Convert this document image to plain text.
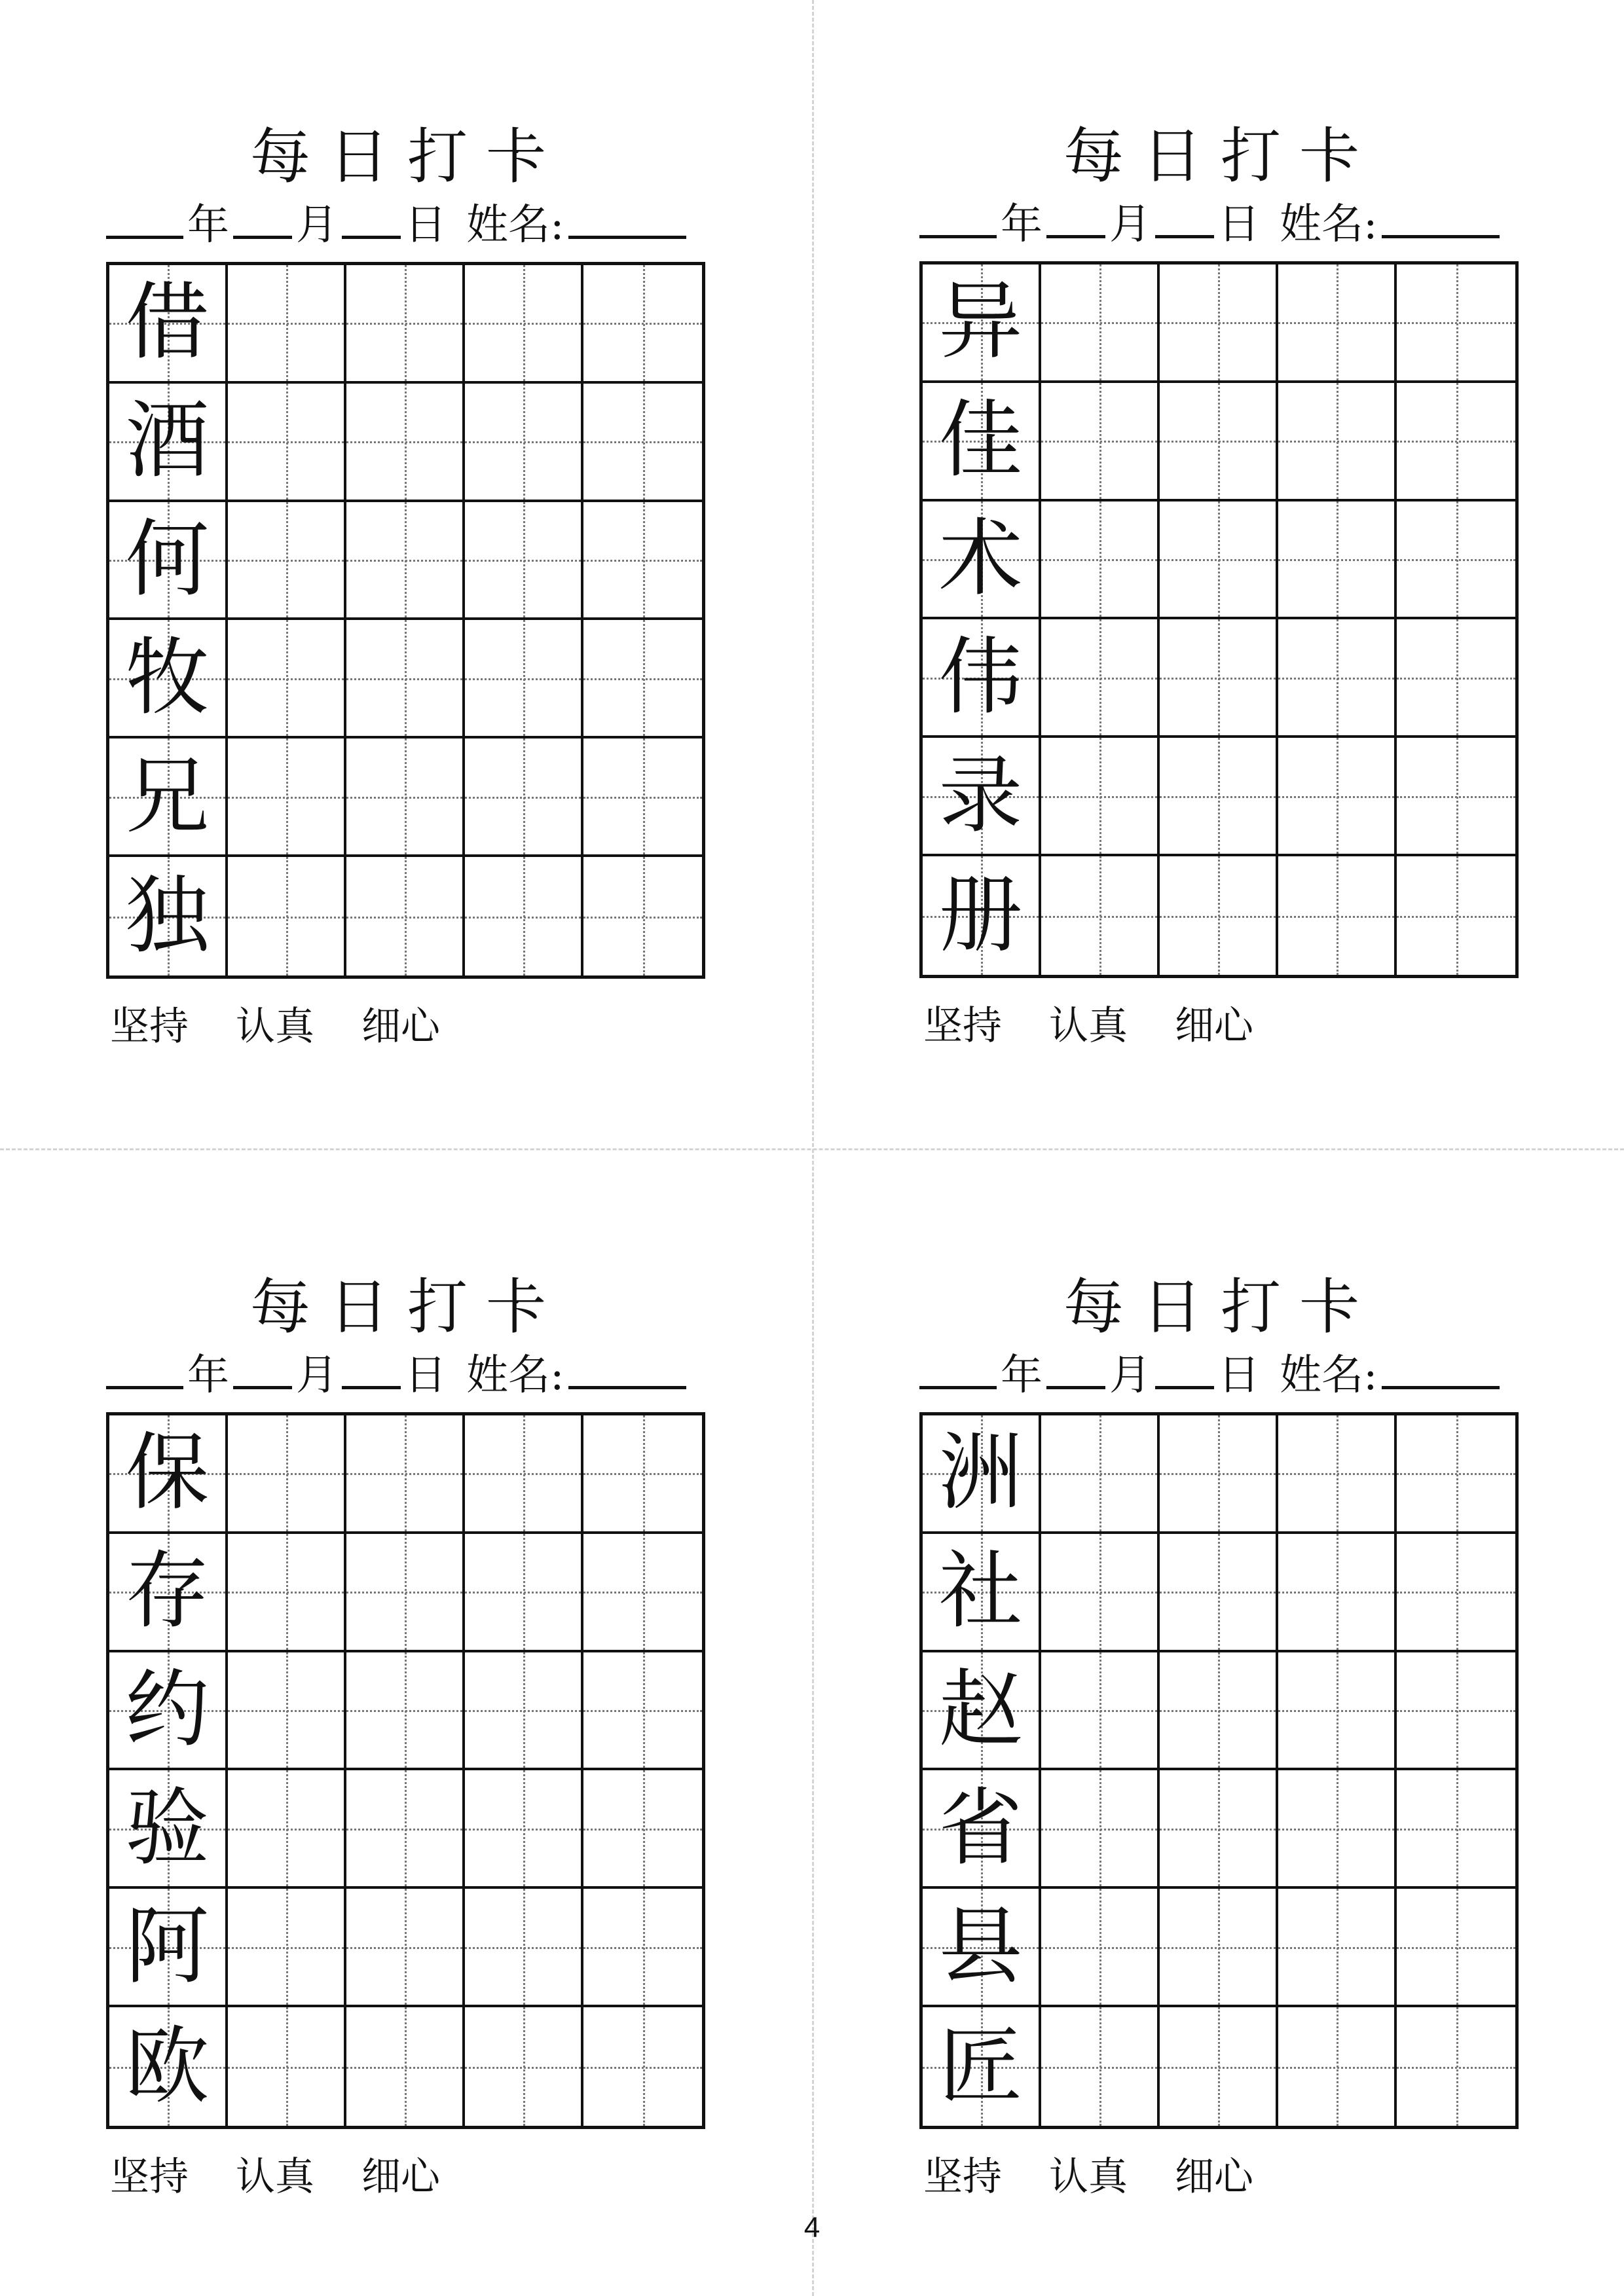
每日打卡
年 月 日 姓名:
借
酒
何
牧
兄
独
坚持 认真 细心
每日打卡
年 月 日 姓名:
异
佳
术
伟
录
册
坚持 认真 细心
每日打卡
年 月 日 姓名:
保
存
约
验
阿
欧
坚持 认真 细心
每日打卡
年 月 日 姓名:
洲
社
赵
省
县
匠
坚持 认真 细心
4
